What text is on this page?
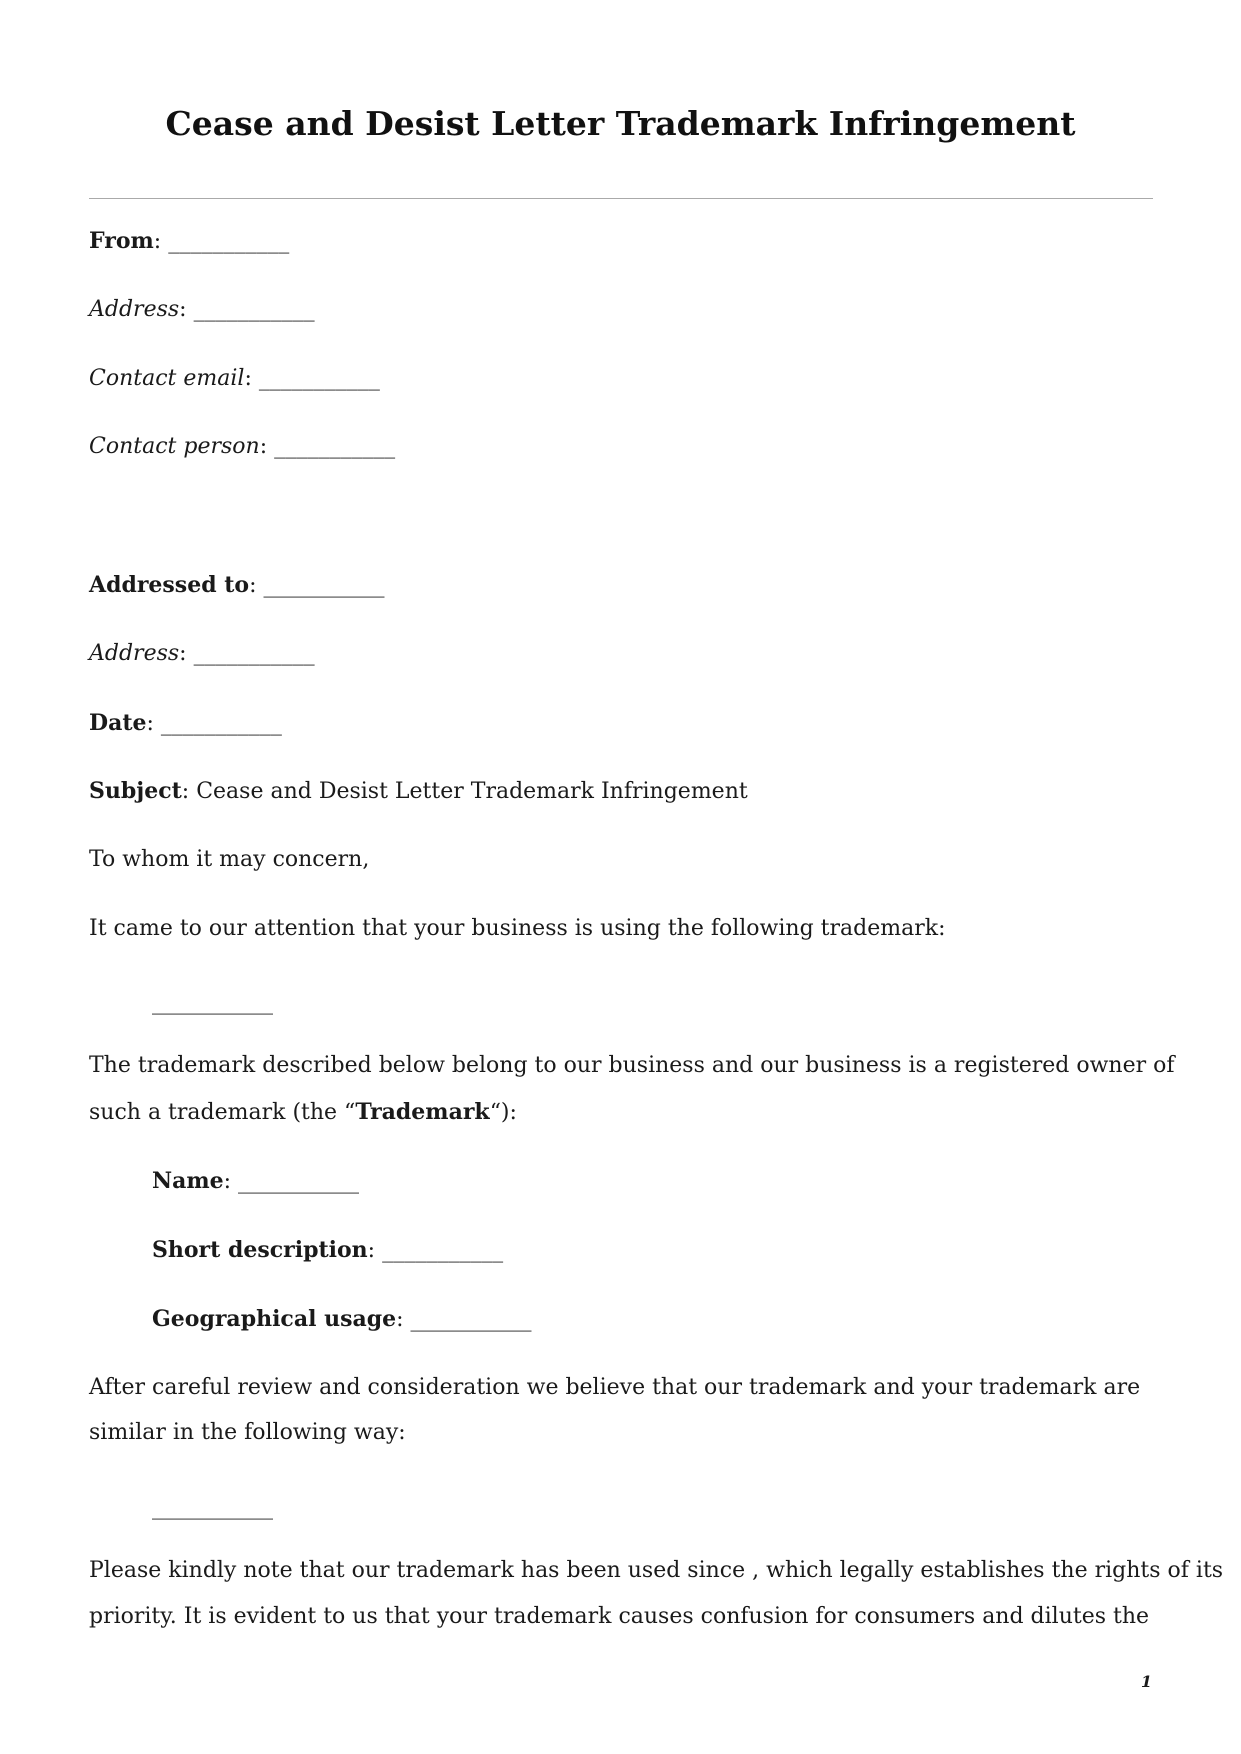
Cease and Desist Letter Trademark Infringement
From: ___________
Address: ___________
Contact email: ___________
Contact person: ___________
Addressed to: ___________
Address: ___________
Date: ___________
Subject: Cease and Desist Letter Trademark Infringement
To whom it may concern,
It came to our attention that your business is using the following trademark:
___________
The trademark described below belong to our business and our business is a registered owner of
such a trademark (the “Trademark“):
Name: ___________
Short description: ___________
Geographical usage: ___________
After careful review and consideration we believe that our trademark and your trademark are
similar in the following way:
___________
Please kindly note that our trademark has been used since , which legally establishes the rights of its
priority. It is evident to us that your trademark causes confusion for consumers and dilutes the
1
